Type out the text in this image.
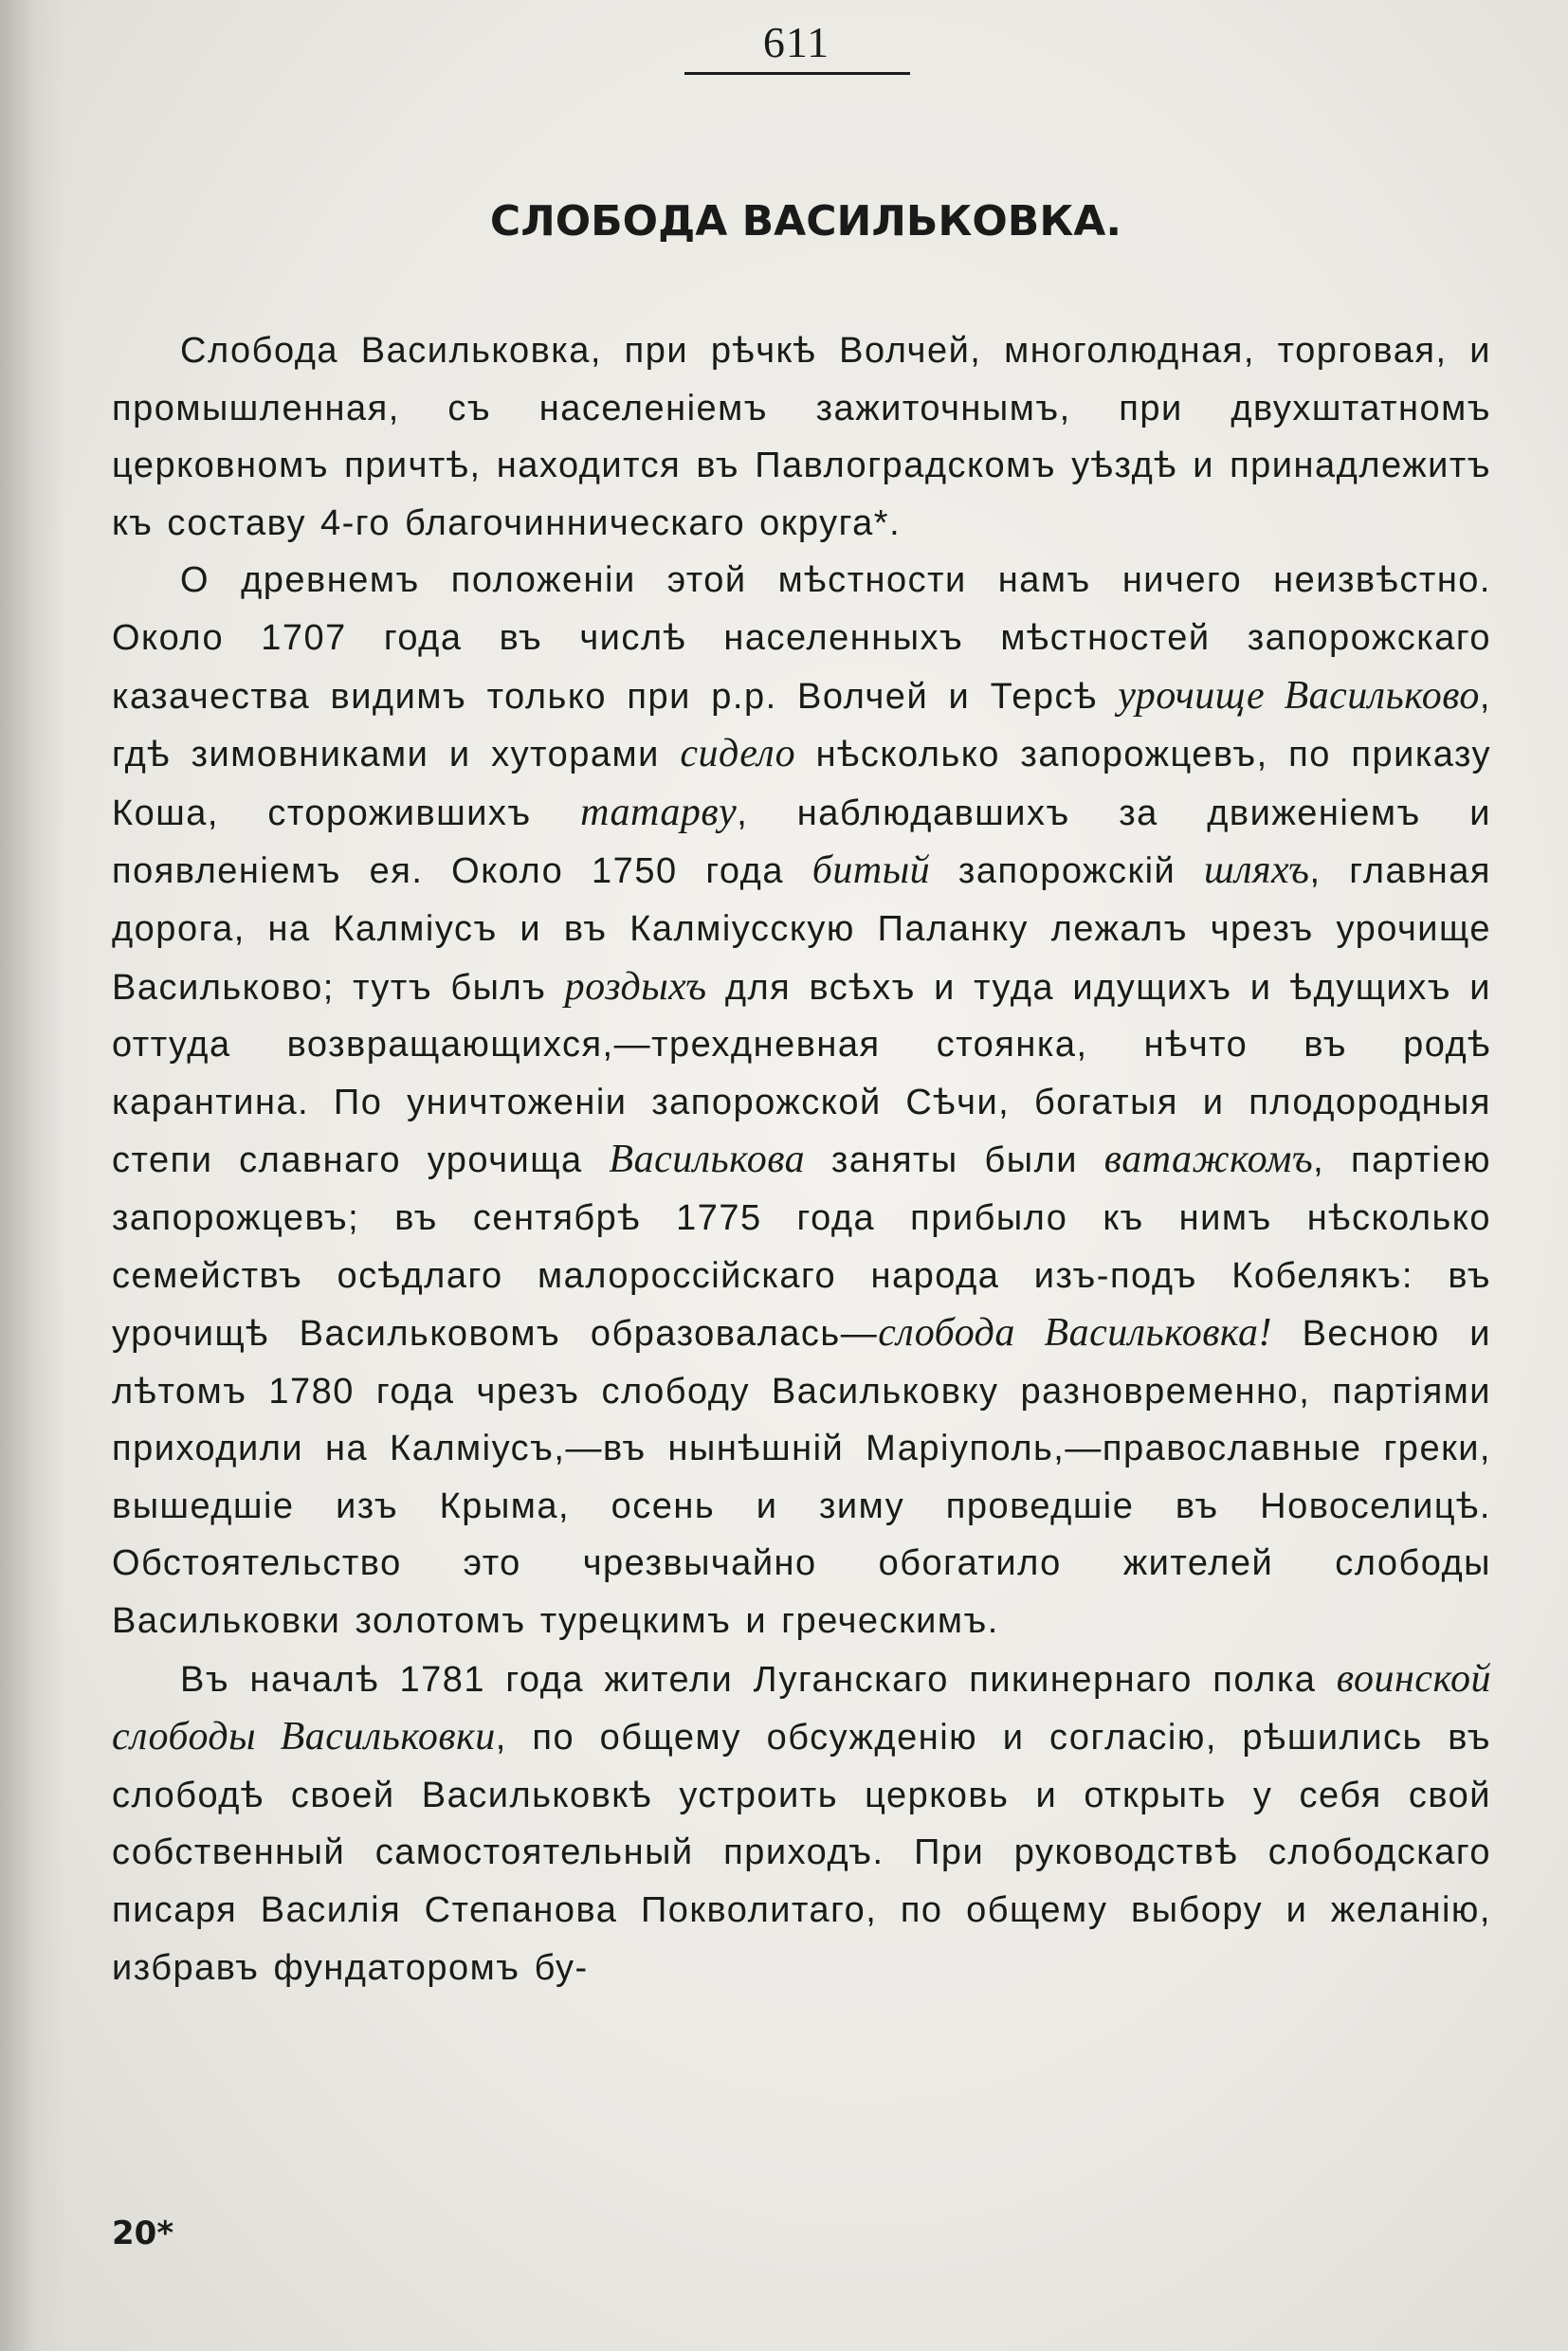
611
СЛОБОДА ВАСИЛЬКОВКА.

Слобода Васильковка, при рѣчкѣ Волчей, многолюдная, торговая, и промышленная, съ населеніемъ зажиточнымъ, при двухштатномъ церковномъ причтѣ, находится въ Павлоградскомъ уѣздѣ и принадлежитъ къ составу 4-го благочинническаго округа*.

О древнемъ положеніи этой мѣстности намъ ничего неизвѣстно. Около 1707 года въ числѣ населенныхъ мѣстностей запорожскаго казачества видимъ только при р.р. Волчей и Терсѣ урочище Васильково, гдѣ зимовниками и хуторами сидело нѣсколько запорожцевъ, по приказу Коша, сторожившихъ татарву, наблюдавшихъ за движеніемъ и появленіемъ ея. Около 1750 года битый запорожскій шляхъ, главная дорога, на Калміусъ и въ Калміусскую Паланку лежалъ чрезъ урочище Васильково; тутъ былъ роздыхъ для всѣхъ и туда идущихъ и ѣдущихъ и оттуда возвращающихся,—трехдневная стоянка, нѣчто въ родѣ карантина. По уничтоженіи запорожской Сѣчи, богатыя и плодородныя степи славнаго урочища Василькова заняты были ватажкомъ, партіею запорожцевъ; въ сентябрѣ 1775 года прибыло къ нимъ нѣсколько семействъ осѣдлаго малороссійскаго народа изъ-подъ Кобелякъ: въ урочищѣ Васильковомъ образовалась—слобода Васильковка! Весною и лѣтомъ 1780 года чрезъ слободу Васильковку разновременно, партіями приходили на Калміусъ,—въ нынѣшній Маріуполь,—православные греки, вышедшіе изъ Крыма, осень и зиму проведшіе въ Новоселицѣ. Обстоятельство это чрезвычайно обогатило жителей слободы Васильковки золотомъ турецкимъ и греческимъ.

Въ началѣ 1781 года жители Луганскаго пикинернаго полка воинской слободы Васильковки, по общему обсужденію и согласію, рѣшились въ слободѣ своей Васильковкѣ устроить церковь и открыть у себя свой собственный самостоятельный приходъ. При руководствѣ слободскаго писаря Василія Степанова Покволитаго, по общему выбору и желанію, избравъ фундаторомъ бу-

20*
